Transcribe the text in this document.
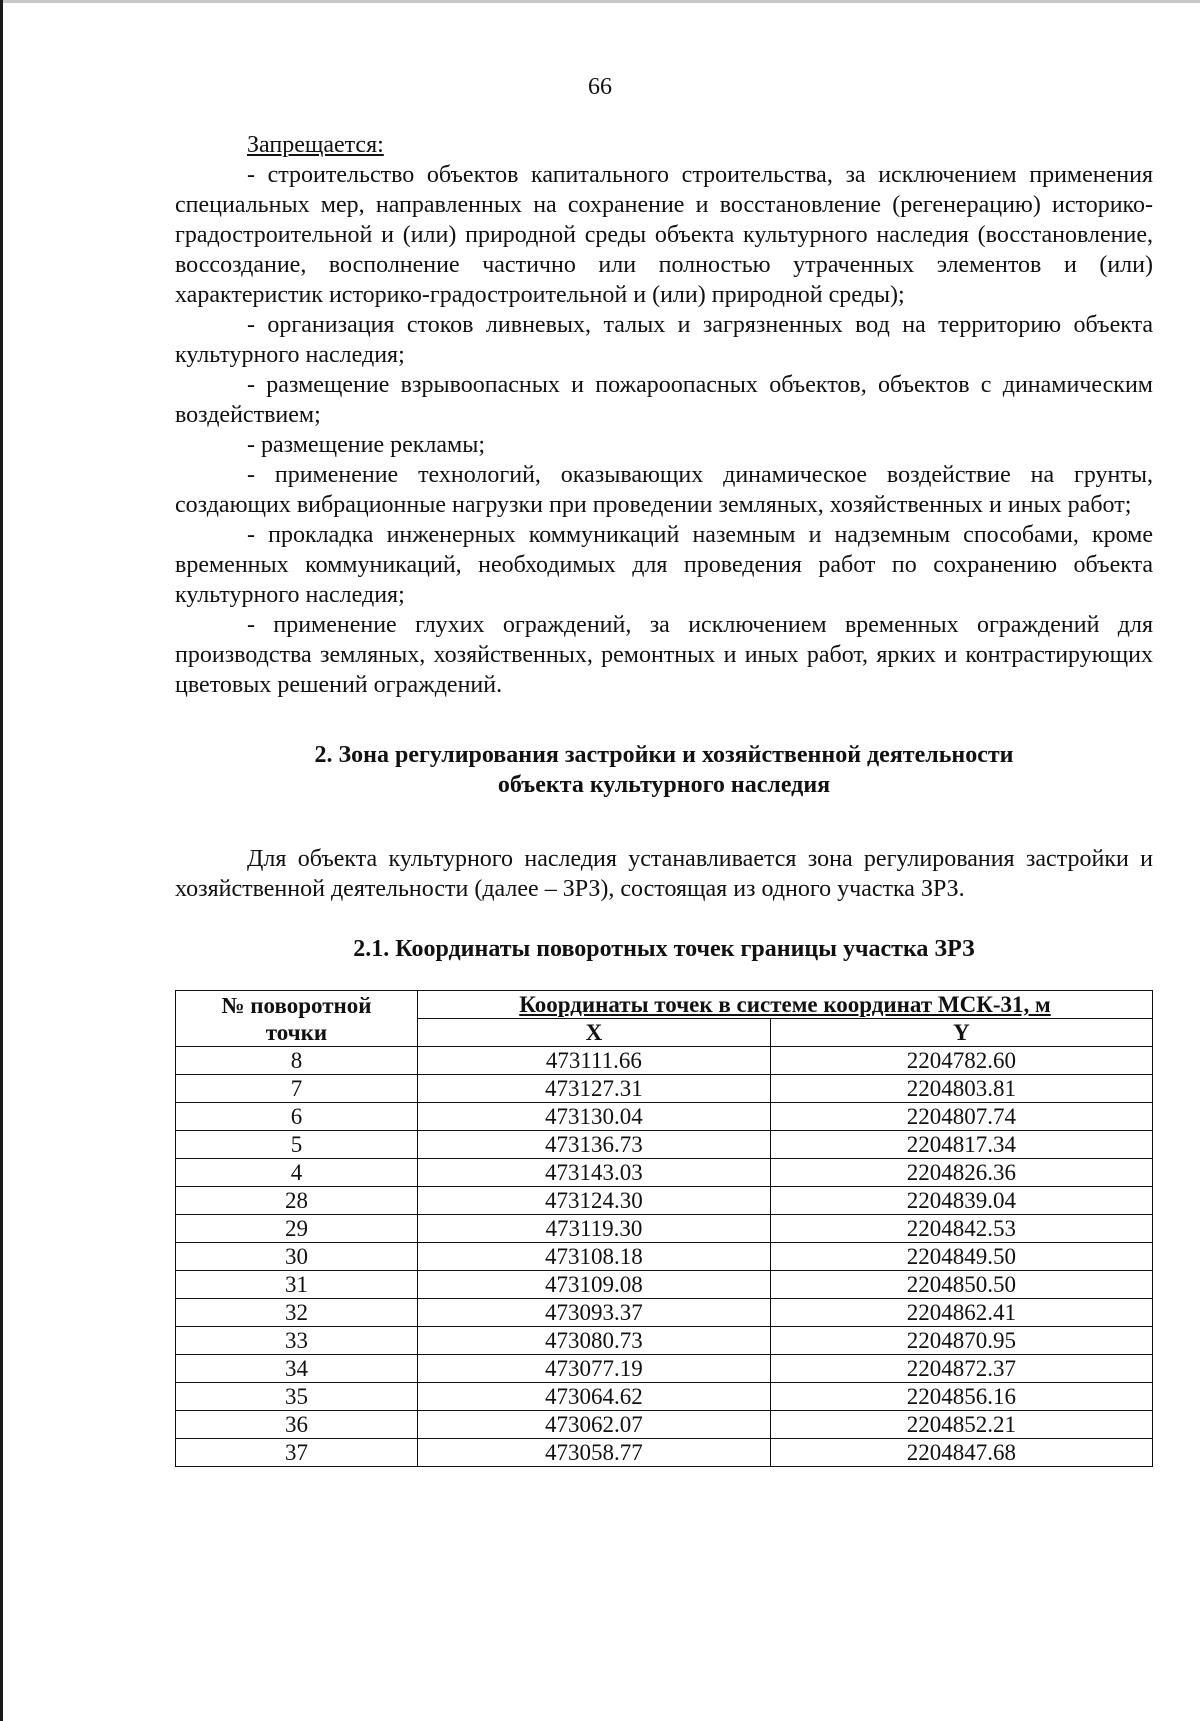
66

Запрещается:

- строительство объектов капитального строительства, за исключением применения специальных мер, направленных на сохранение и восстановление (регенерацию) историко-градостроительной и (или) природной среды объекта культурного наследия (восстановление, воссоздание, восполнение частично или полностью утраченных элементов и (или) характеристик историко-градостроительной и (или) природной среды);

- организация стоков ливневых, талых и загрязненных вод на территорию объекта культурного наследия;

- размещение взрывоопасных и пожароопасных объектов, объектов с динамическим воздействием;

- размещение рекламы;

- применение технологий, оказывающих динамическое воздействие на грунты, создающих вибрационные нагрузки при проведении земляных, хозяйственных и иных работ;

- прокладка инженерных коммуникаций наземным и надземным способами, кроме временных коммуникаций, необходимых для проведения работ по сохранению объекта культурного наследия;

- применение глухих ограждений, за исключением временных ограждений для производства земляных, хозяйственных, ремонтных и иных работ, ярких и контрастирующих цветовых решений ограждений.

2. Зона регулирования застройки и хозяйственной деятельности
объекта культурного наследия

Для объекта культурного наследия устанавливается зона регулирования застройки и хозяйственной деятельности (далее – ЗРЗ), состоящая из одного участка ЗРЗ.

2.1. Координаты поворотных точек границы участка ЗРЗ
№ поворотной
точки	Координаты точек в системе координат МСК-31, м	
	X	Y
8	473111.66	2204782.60
7	473127.31	2204803.81
6	473130.04	2204807.74
5	473136.73	2204817.34
4	473143.03	2204826.36
28	473124.30	2204839.04
29	473119.30	2204842.53
30	473108.18	2204849.50
31	473109.08	2204850.50
32	473093.37	2204862.41
33	473080.73	2204870.95
34	473077.19	2204872.37
35	473064.62	2204856.16
36	473062.07	2204852.21
37	473058.77	2204847.68
